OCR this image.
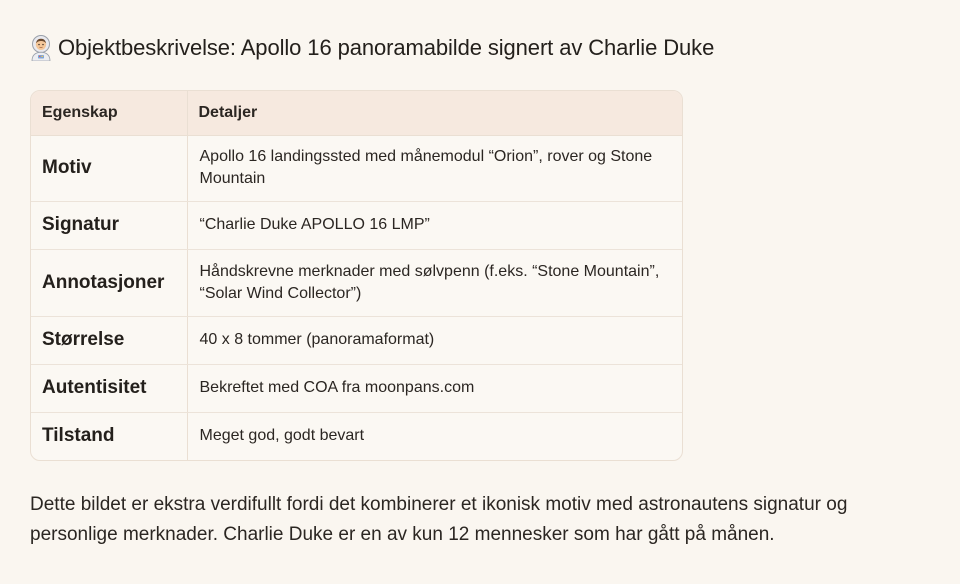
Objektbeskrivelse: Apollo 16 panoramabilde signert av Charlie Duke
Egenskap	Detaljer
Motiv	Apollo 16 landingssted med månemodul “Orion”, rover og Stone Mountain
Signatur	“Charlie Duke APOLLO 16 LMP”
Annotasjoner	Håndskrevne merknader med sølvpenn (f.eks. “Stone Mountain”, “Solar Wind Collector”)
Størrelse	40 x 8 tommer (panoramaformat)
Autentisitet	Bekreftet med COA fra moonpans.com
Tilstand	Meget god, godt bevart

Dette bildet er ekstra verdifullt fordi det kombinerer et ikonisk motiv med astronautens signatur og personlige merknader. Charlie Duke er en av kun 12 mennesker som har gått på månen.
